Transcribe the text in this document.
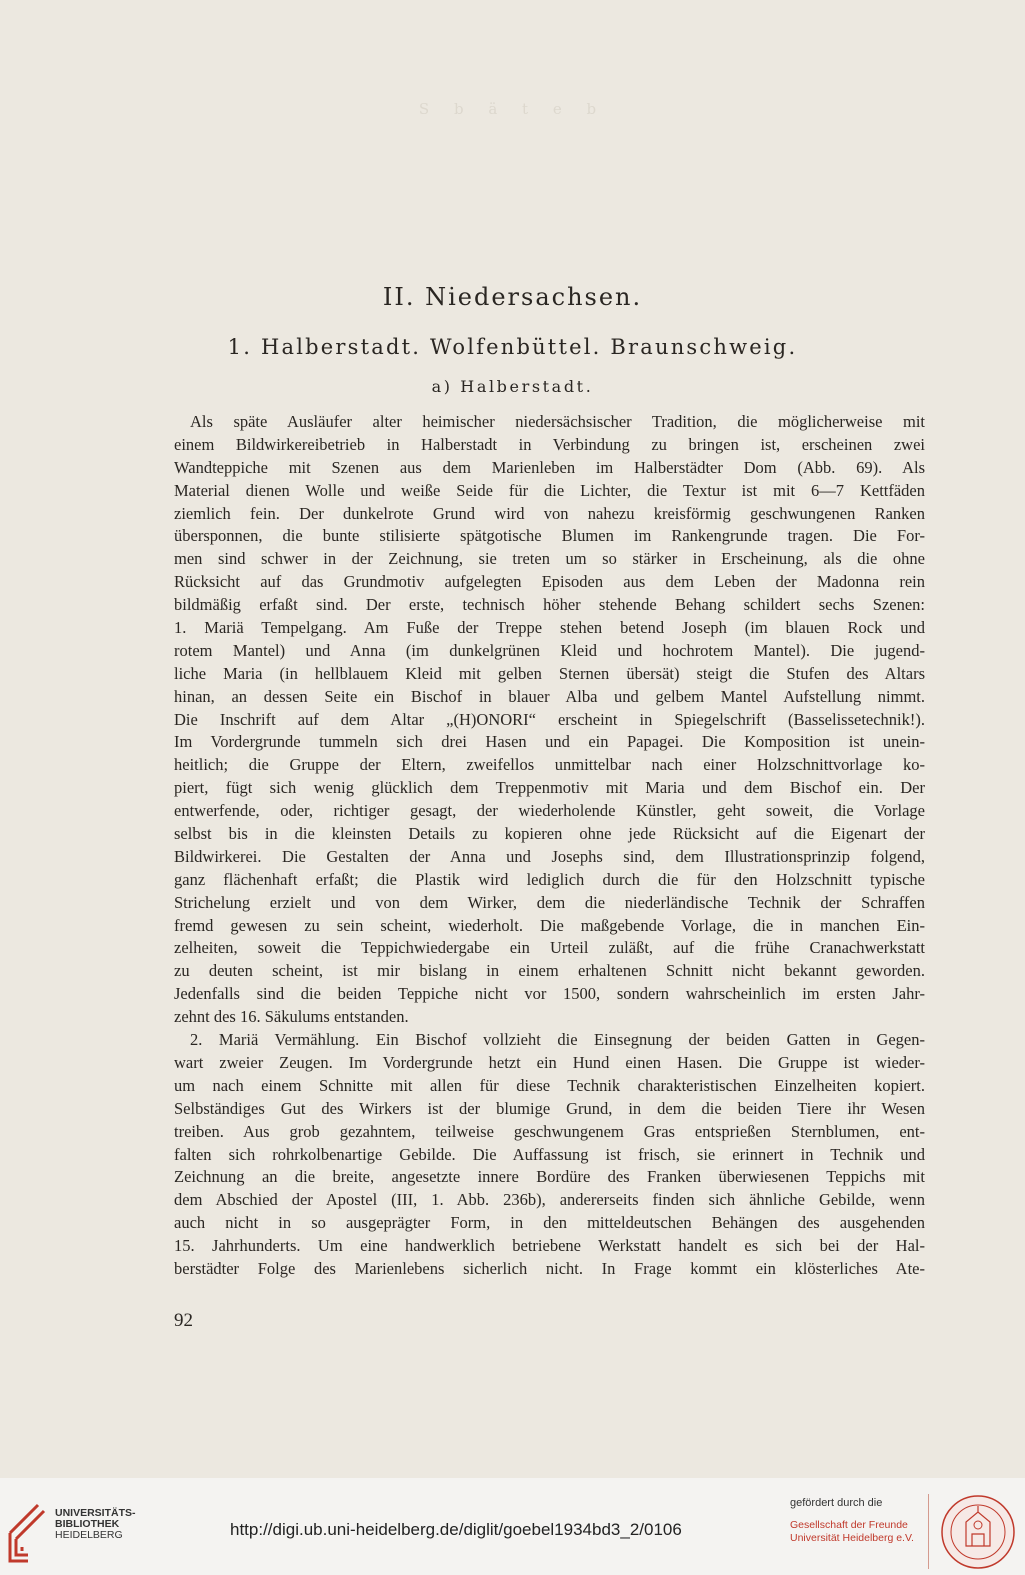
S b ä t e b
II. Niedersachsen.
1. Halberstadt. Wolfenbüttel. Braunschweig.
a) Halberstadt.
Als späte Ausläufer alter heimischer niedersächsischer Tradition, die möglicherweise mit
einem Bildwirkereibetrieb in Halberstadt in Verbindung zu bringen ist, erscheinen zwei
Wandteppiche mit Szenen aus dem Marienleben im Halberstädter Dom (Abb. 69). Als
Material dienen Wolle und weiße Seide für die Lichter, die Textur ist mit 6—7 Kettfäden
ziemlich fein. Der dunkelrote Grund wird von nahezu kreisförmig geschwungenen Ranken
übersponnen, die bunte stilisierte spätgotische Blumen im Rankengrunde tragen. Die For-
men sind schwer in der Zeichnung, sie treten um so stärker in Erscheinung, als die ohne
Rücksicht auf das Grundmotiv aufgelegten Episoden aus dem Leben der Madonna rein
bildmäßig erfaßt sind. Der erste, technisch höher stehende Behang schildert sechs Szenen:
1. Mariä Tempelgang. Am Fuße der Treppe stehen betend Joseph (im blauen Rock und
rotem Mantel) und Anna (im dunkelgrünen Kleid und hochrotem Mantel). Die jugend-
liche Maria (in hellblauem Kleid mit gelben Sternen übersät) steigt die Stufen des Altars
hinan, an dessen Seite ein Bischof in blauer Alba und gelbem Mantel Aufstellung nimmt.
Die Inschrift auf dem Altar „(H)ONORI“ erscheint in Spiegelschrift (Basselissetechnik!).
Im Vordergrunde tummeln sich drei Hasen und ein Papagei. Die Komposition ist unein-
heitlich; die Gruppe der Eltern, zweifellos unmittelbar nach einer Holzschnittvorlage ko-
piert, fügt sich wenig glücklich dem Treppenmotiv mit Maria und dem Bischof ein. Der
entwerfende, oder, richtiger gesagt, der wiederholende Künstler, geht soweit, die Vorlage
selbst bis in die kleinsten Details zu kopieren ohne jede Rücksicht auf die Eigenart der
Bildwirkerei. Die Gestalten der Anna und Josephs sind, dem Illustrationsprinzip folgend,
ganz flächenhaft erfaßt; die Plastik wird lediglich durch die für den Holzschnitt typische
Strichelung erzielt und von dem Wirker, dem die niederländische Technik der Schraffen
fremd gewesen zu sein scheint, wiederholt. Die maßgebende Vorlage, die in manchen Ein-
zelheiten, soweit die Teppichwiedergabe ein Urteil zuläßt, auf die frühe Cranachwerkstatt
zu deuten scheint, ist mir bislang in einem erhaltenen Schnitt nicht bekannt geworden.
Jedenfalls sind die beiden Teppiche nicht vor 1500, sondern wahrscheinlich im ersten Jahr-
zehnt des 16. Säkulums entstanden.
2. Mariä Vermählung. Ein Bischof vollzieht die Einsegnung der beiden Gatten in Gegen-
wart zweier Zeugen. Im Vordergrunde hetzt ein Hund einen Hasen. Die Gruppe ist wieder-
um nach einem Schnitte mit allen für diese Technik charakteristischen Einzelheiten kopiert.
Selbständiges Gut des Wirkers ist der blumige Grund, in dem die beiden Tiere ihr Wesen
treiben. Aus grob gezahntem, teilweise geschwungenem Gras entsprießen Sternblumen, ent-
falten sich rohrkolbenartige Gebilde. Die Auffassung ist frisch, sie erinnert in Technik und
Zeichnung an die breite, angesetzte innere Bordüre des Franken überwiesenen Teppichs mit
dem Abschied der Apostel (III, 1. Abb. 236b), andererseits finden sich ähnliche Gebilde, wenn
auch nicht in so ausgeprägter Form, in den mitteldeutschen Behängen des ausgehenden
15. Jahrhunderts. Um eine handwerklich betriebene Werkstatt handelt es sich bei der Hal-
berstädter Folge des Marienlebens sicherlich nicht. In Frage kommt ein klösterliches Ate-
92
UNIVERSITÄTS-
BIBLIOTHEK
HEIDELBERG	http://digi.ub.uni-heidelberg.de/diglit/goebel1934bd3_2/0106
gefördert durch die
Gesellschaft der Freunde
Universität Heidelberg e.V.
